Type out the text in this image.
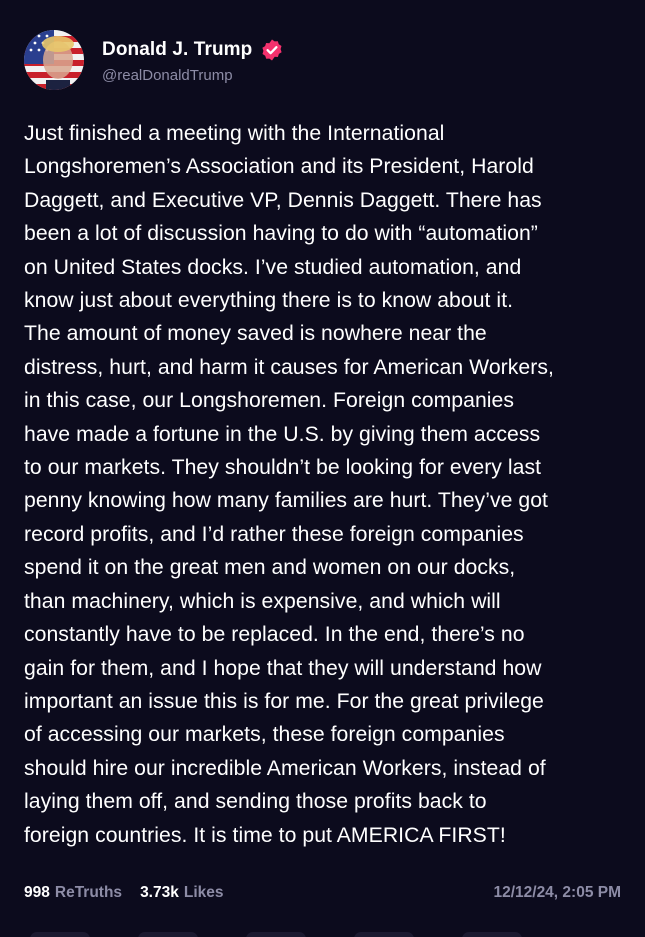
Donald J. Trump
@realDonaldTrump
Just finished a meeting with the International
Longshoremen’s Association and its President, Harold
Daggett, and Executive VP, Dennis Daggett. There has
been a lot of discussion having to do with “automation”
on United States docks. I’ve studied automation, and
know just about everything there is to know about it.
The amount of money saved is nowhere near the
distress, hurt, and harm it causes for American Workers,
in this case, our Longshoremen. Foreign companies
have made a fortune in the U.S. by giving them access
to our markets. They shouldn’t be looking for every last
penny knowing how many families are hurt. They’ve got
record profits, and I’d rather these foreign companies
spend it on the great men and women on our docks,
than machinery, which is expensive, and which will
constantly have to be replaced. In the end, there’s no
gain for them, and I hope that they will understand how
important an issue this is for me. For the great privilege
of accessing our markets, these foreign companies
should hire our incredible American Workers, instead of
laying them off, and sending those profits back to
foreign countries. It is time to put AMERICA FIRST!
998 ReTruths 3.73k Likes	12/12/24, 2:05 PM
